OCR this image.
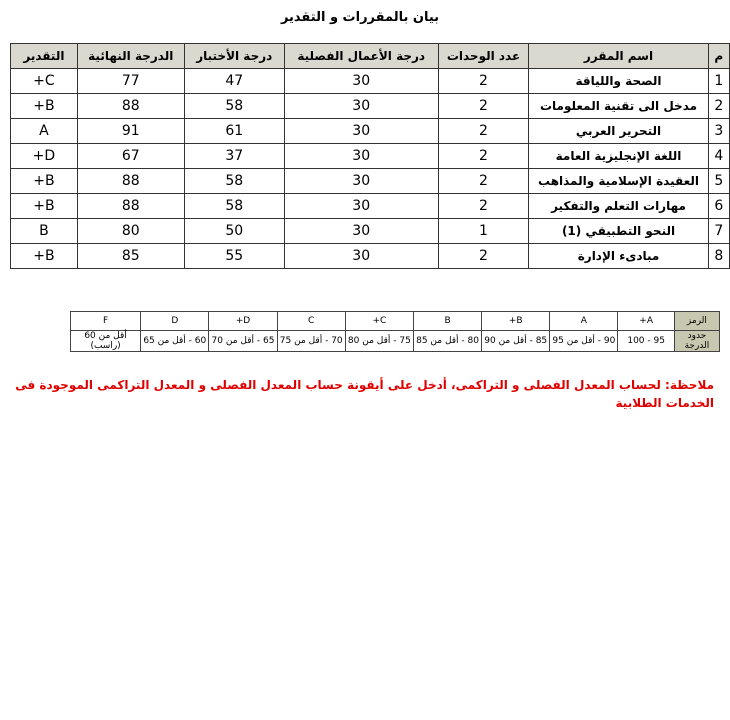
بيان بالمقررات و التقدير
م	اسم المقرر	عدد الوحدات	درجة الأعمال الفصلية	درجة الأختبار	الدرجة النهائية	التقدير
1	الصحة واللياقة	2	30	47	77	C+
2	مدخل الى تقنية المعلومات	2	30	58	88	B+
3	التحرير العربي	2	30	61	91	A
4	اللغة الإنجليزية العامة	2	30	37	67	D+
5	العقيدة الإسلامية والمذاهب	2	30	58	88	B+
6	مهارات التعلم والتفكير	2	30	58	88	B+
7	النحو التطبيقي (1)	1	30	50	80	B
8	مبادىء الإدارة	2	30	55	85	B+
الرمز	A+	A	B+	B	C+	C	D+	D	F
حدود الدرجة	95 - 100	90 - أقل من 95	85 - أقل من 90	80 - أقل من 85	75 - أقل من 80	70 - أقل من 75	65 - أقل من 70	60 - أقل من 65	أقل من 60 (راسب)
ملاحظة: لحساب المعدل الفصلى و التراكمى، أدخل على أيقونة حساب المعدل الفصلى و المعدل التراكمى الموجودة فى الخدمات الطلابية
